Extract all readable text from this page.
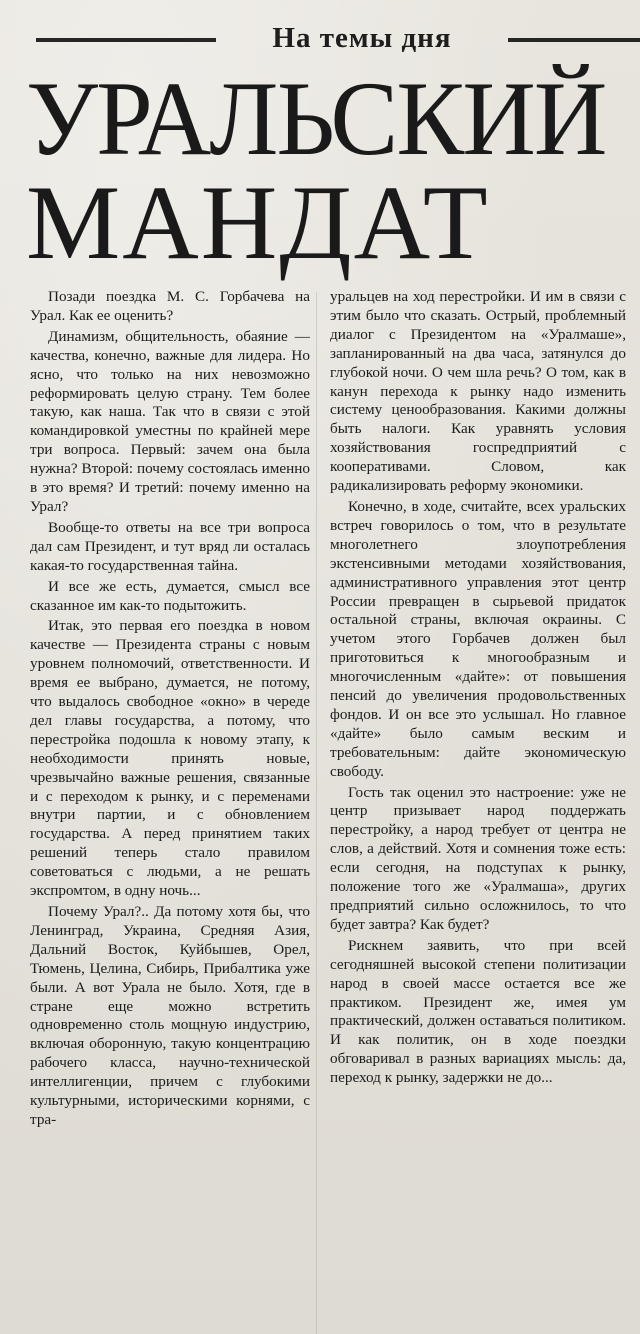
На темы дня
УРАЛЬСКИЙ
МАНДАТ

Позади поездка М. С. Горбачева на Урал. Как ее оценить?

Динамизм, общительность, обаяние — качества, конечно, важные для лидера. Но ясно, что только на них невозможно реформировать целую страну. Тем более такую, как наша. Так что в связи с этой командировкой уместны по крайней мере три вопроса. Первый: зачем она была нужна? Второй: почему состоялась именно в это время? И третий: почему именно на Урал?

Вообще-то ответы на все три вопроса дал сам Президент, и тут вряд ли осталась какая-то государственная тайна.

И все же есть, думается, смысл все сказанное им как-то подытожить.

Итак, это первая его поездка в новом качестве — Президента страны с новым уровнем полномочий, ответственности. И время ее выбрано, думается, не потому, что выдалось свободное «окно» в череде дел главы государства, а потому, что перестройка подошла к новому этапу, к необходимости принять новые, чрезвычайно важные решения, связанные и с переходом к рынку, и с переменами внутри партии, и с обновлением государства. А перед принятием таких решений теперь стало правилом советоваться с людьми, а не решать экспромтом, в одну ночь...

Почему Урал?.. Да потому хотя бы, что Ленинград, Украина, Средняя Азия, Дальний Восток, Куйбышев, Орел, Тюмень, Целина, Сибирь, Прибалтика уже были. А вот Урала не было. Хотя, где в стране еще можно встретить одновременно столь мощную индустрию, включая оборонную, такую концентрацию рабочего класса, научно-технической интеллигенции, причем с глубокими культурными, историческими корнями, с тра-

уральцев на ход перестройки. И им в связи с этим было что сказать. Острый, проблемный диалог с Президентом на «Уралмаше», запланированный на два часа, затянулся до глубокой ночи. О чем шла речь? О том, как в канун перехода к рынку надо изменить систему ценообразования. Какими должны быть налоги. Как уравнять условия хозяйствования госпредприятий с кооперативами. Словом, как радикализировать реформу экономики.

Конечно, в ходе, считайте, всех уральских встреч говорилось о том, что в результате многолетнего злоупотребления экстенсивными методами хозяйствования, административного управления этот центр России превращен в сырьевой придаток остальной страны, включая окраины. С учетом этого Горбачев должен был приготовиться к многообразным и многочисленным «дайте»: от повышения пенсий до увеличения продовольственных фондов. И он все это услышал. Но главное «дайте» было самым веским и требовательным: дайте экономическую свободу.

Гость так оценил это настроение: уже не центр призывает народ поддержать перестройку, а народ требует от центра не слов, а действий. Хотя и сомнения тоже есть: если сегодня, на подступах к рынку, положение того же «Уралмаша», других предприятий сильно осложнилось, то что будет завтра? Как будет?

Рискнем заявить, что при всей сегодняшней высокой степени политизации народ в своей массе остается все же практиком. Президент же, имея ум практический, должен оставаться политиком. И как политик, он в ходе поездки обговаривал в разных вариациях мысль: да, переход к рынку, задержки не до...
